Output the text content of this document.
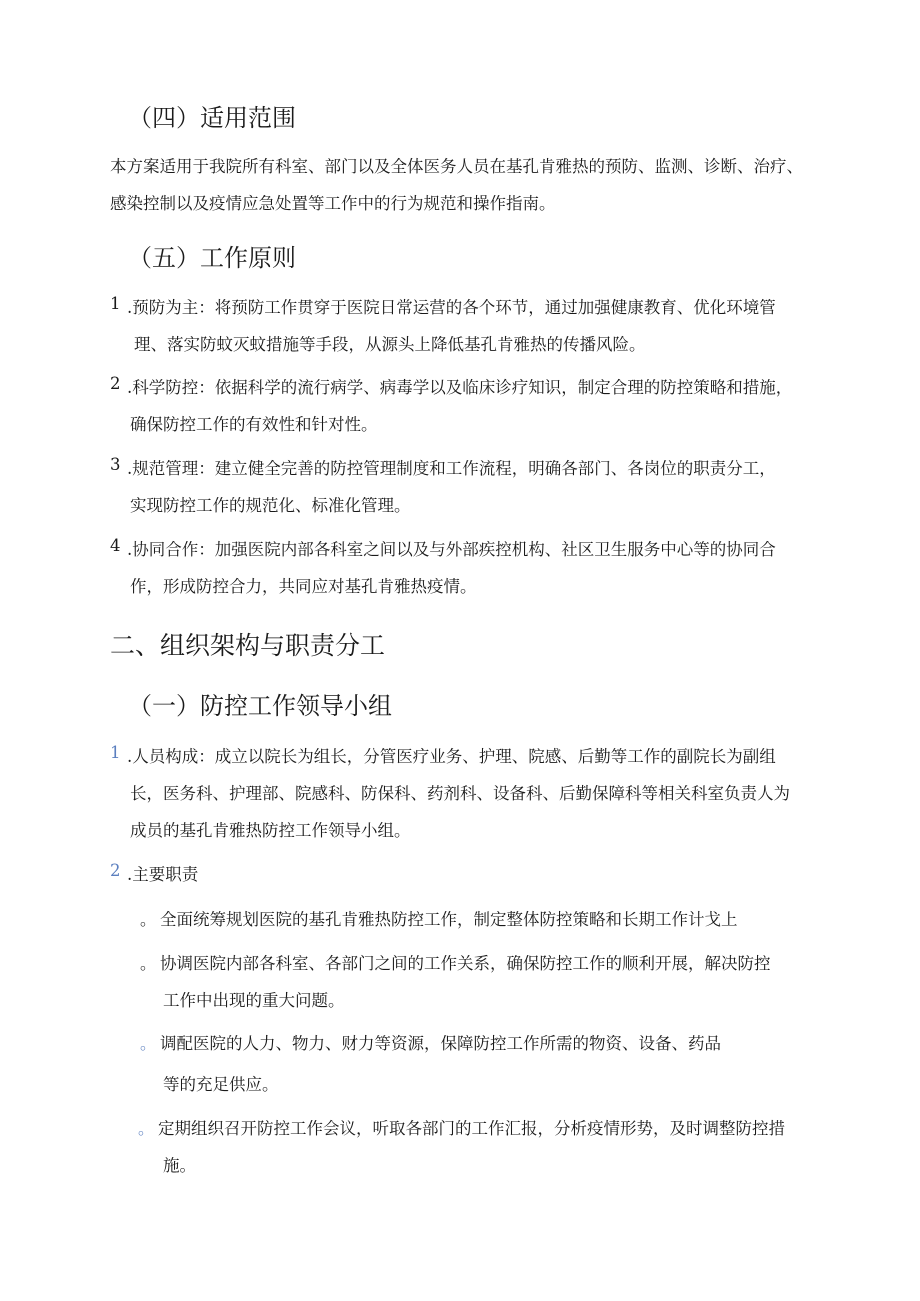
（四）适用范围
本方案适用于我院所有科室、部门以及全体医务人员在基孔肯雅热的预防、监测、诊断、治疗、
感染控制以及疫情应急处置等工作中的行为规范和操作指南。
（五）工作原则
1 .预防为主：将预防工作贯穿于医院日常运营的各个环节，通过加强健康教育、优化环境管
理、落实防蚊灭蚊措施等手段，从源头上降低基孔肯雅热的传播风险。
2 .科学防控：依据科学的流行病学、病毒学以及临床诊疗知识，制定合理的防控策略和措施，
确保防控工作的有效性和针对性。
3 .规范管理：建立健全完善的防控管理制度和工作流程，明确各部门、各岗位的职责分工，
实现防控工作的规范化、标准化管理。
4 .协同合作：加强医院内部各科室之间以及与外部疾控机构、社区卫生服务中心等的协同合
作，形成防控合力，共同应对基孔肯雅热疫情。
二、组织架构与职责分工
（一）防控工作领导小组
1 .人员构成：成立以院长为组长，分管医疗业务、护理、院感、后勤等工作的副院长为副组
长，医务科、护理部、院感科、防保科、药剂科、设备科、后勤保障科等相关科室负责人为
成员的基孔肯雅热防控工作领导小组。
2 .主要职责
。 全面统筹规划医院的基孔肯雅热防控工作，制定整体防控策略和长期工作计戈上
。 协调医院内部各科室、各部门之间的工作关系，确保防控工作的顺利开展，解决防控
工作中出现的重大问题。
。 调配医院的人力、物力、财力等资源，保障防控工作所需的物资、设备、药品
等的充足供应。
。 定期组织召开防控工作会议，听取各部门的工作汇报，分析疫情形势，及时调整防控措
施。
